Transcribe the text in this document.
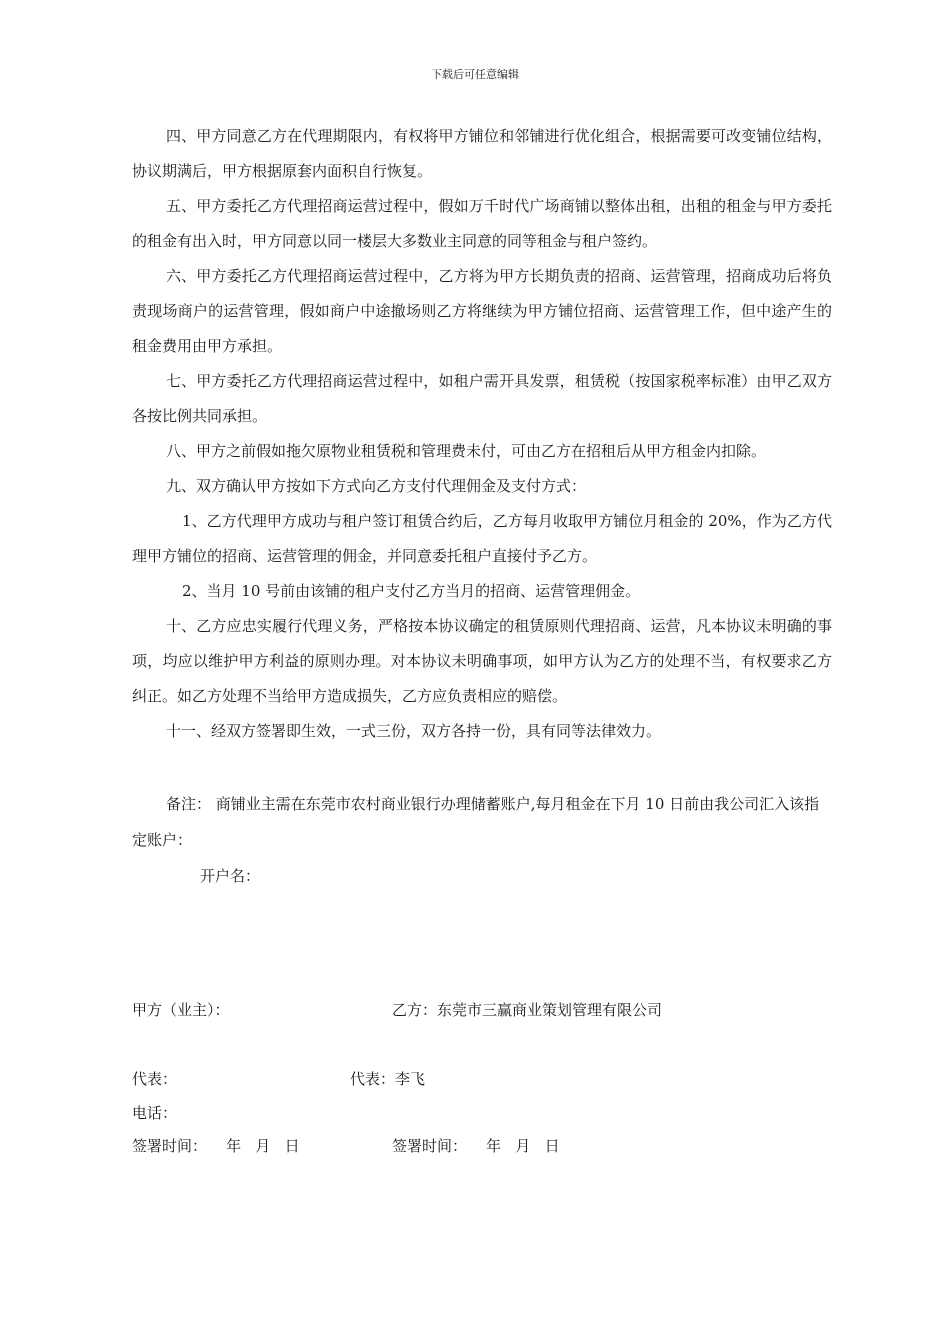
下载后可任意编辑

四、甲方同意乙方在代理期限内，有权将甲方铺位和邻铺进行优化组合，根据需要可改变铺位结构，协议期满后，甲方根据原套内面积自行恢复。

五、甲方委托乙方代理招商运营过程中，假如万千时代广场商铺以整体出租，出租的租金与甲方委托的租金有出入时，甲方同意以同一楼层大多数业主同意的同等租金与租户签约。

六、甲方委托乙方代理招商运营过程中，乙方将为甲方长期负责的招商、运营管理，招商成功后将负责现场商户的运营管理，假如商户中途撤场则乙方将继续为甲方铺位招商、运营管理工作，但中途产生的租金费用由甲方承担。

七、甲方委托乙方代理招商运营过程中，如租户需开具发票，租赁税（按国家税率标准）由甲乙双方各按比例共同承担。

八、甲方之前假如拖欠原物业租赁税和管理费未付，可由乙方在招租后从甲方租金内扣除。

九、双方确认甲方按如下方式向乙方支付代理佣金及支付方式：

1、乙方代理甲方成功与租户签订租赁合约后，乙方每月收取甲方铺位月租金的 20%，作为乙方代理甲方铺位的招商、运营管理的佣金，并同意委托租户直接付予乙方。

2、当月 10 号前由该铺的租户支付乙方当月的招商、运营管理佣金。

十、乙方应忠实履行代理义务，严格按本协议确定的租赁原则代理招商、运营，凡本协议未明确的事项，均应以维护甲方利益的原则办理。对本协议未明确事项，如甲方认为乙方的处理不当，有权要求乙方纠正。如乙方处理不当给甲方造成损失，乙方应负责相应的赔偿。

十一、经双方签署即生效，一式三份，双方各持一份，具有同等法律效力。

备注： 商铺业主需在东莞市农村商业银行办理储蓄账户,每月租金在下月 10 日前由我公司汇入该指定账户：

开户名：

甲方（业主）：	乙方：东莞市三赢商业策划管理有限公司
代表：	代表：李飞
电话：
签署时间：    年   月   日	签署时间：    年   月   日
